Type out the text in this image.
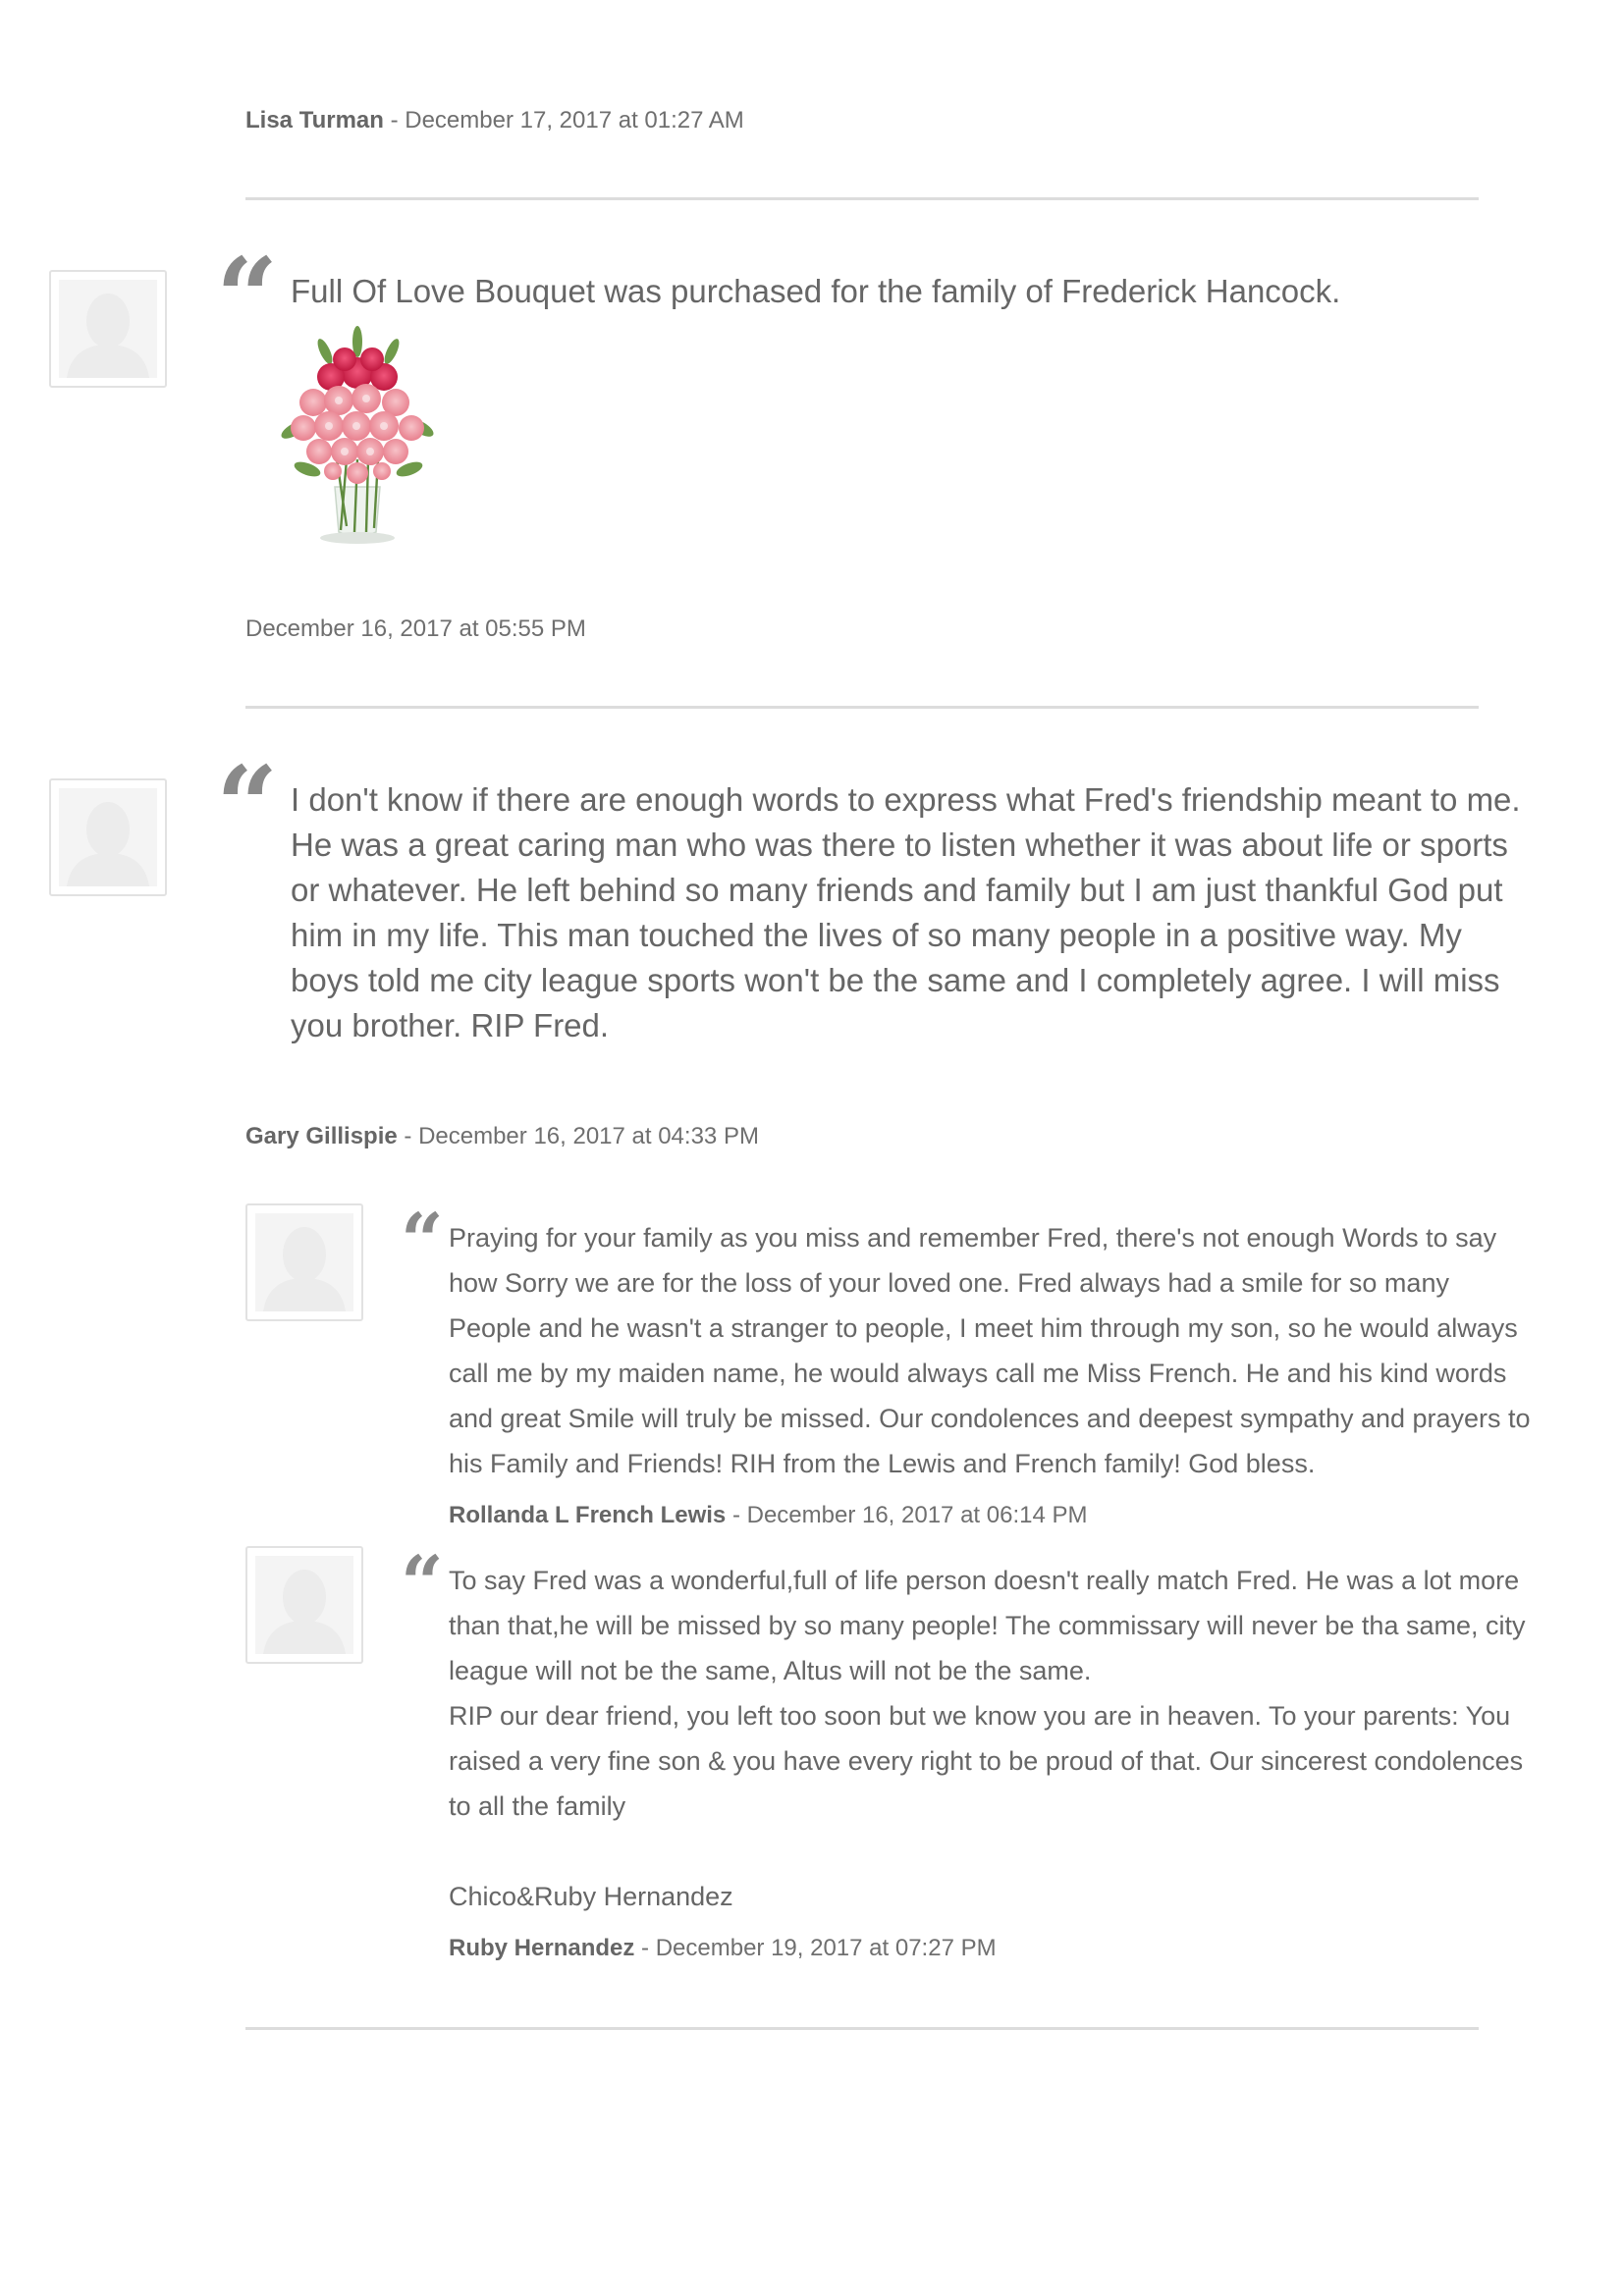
Lisa Turman - December 17, 2017 at 01:27 AM
“ Full Of Love Bouquet was purchased for the family of Frederick Hancock.
December 16, 2017 at 05:55 PM
“ I don't know if there are enough words to express what Fred's friendship meant to me. He was a great caring man who was there to listen whether it was about life or sports or whatever. He left behind so many friends and family but I am just thankful God put him in my life. This man touched the lives of so many people in a positive way. My boys told me city league sports won't be the same and I completely agree. I will miss you brother. RIP Fred.
Gary Gillispie - December 16, 2017 at 04:33 PM
“ Praying for your family as you miss and remember Fred, there's not enough Words to say how Sorry we are for the loss of your loved one. Fred always had a smile for so many People and he wasn't a stranger to people, I meet him through my son, so he would always call me by my maiden name, he would always call me Miss French. He and his kind words and great Smile will truly be missed. Our condolences and deepest sympathy and prayers to his Family and Friends! RIH from the Lewis and French family! God bless.
Rollanda L French Lewis - December 16, 2017 at 06:14 PM
“ To say Fred was a wonderful,full of life person doesn't really match Fred. He was a lot more than that,he will be missed by so many people! The commissary will never be tha same, city league will not be the same, Altus will not be the same.
RIP our dear friend, you left too soon but we know you are in heaven. To your parents: You raised a very fine son & you have every right to be proud of that. Our sincerest condolences to all the family

Chico&Ruby Hernandez
Ruby Hernandez - December 19, 2017 at 07:27 PM
